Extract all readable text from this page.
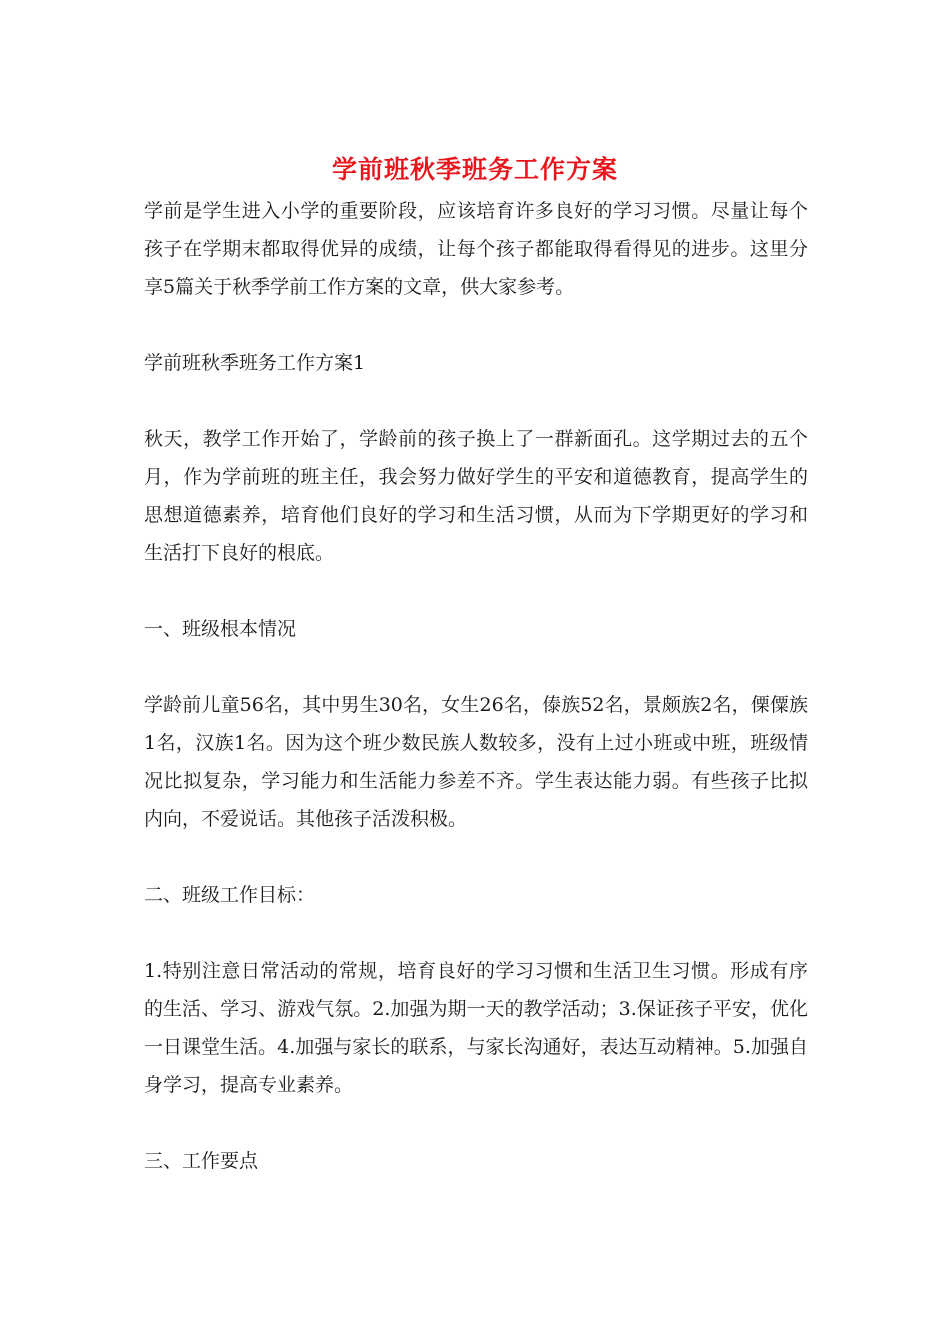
学前班秋季班务工作方案

学前是学生进入小学的重要阶段，应该培育许多良好的学习习惯。尽量让每个孩子在学期末都取得优异的成绩，让每个孩子都能取得看得见的进步。这里分享5篇关于秋季学前工作方案的文章，供大家参考。

学前班秋季班务工作方案1

秋天，教学工作开始了，学龄前的孩子换上了一群新面孔。这学期过去的五个月，作为学前班的班主任，我会努力做好学生的平安和道德教育，提高学生的思想道德素养，培育他们良好的学习和生活习惯，从而为下学期更好的学习和生活打下良好的根底。

一、班级根本情况

学龄前儿童56名，其中男生30名，女生26名，傣族52名，景颇族2名，傈僳族1名，汉族1名。因为这个班少数民族人数较多，没有上过小班或中班，班级情况比拟复杂，学习能力和生活能力参差不齐。学生表达能力弱。有些孩子比拟内向，不爱说话。其他孩子活泼积极。

二、班级工作目标：

1.特别注意日常活动的常规，培育良好的学习习惯和生活卫生习惯。形成有序的生活、学习、游戏气氛。2.加强为期一天的教学活动；3.保证孩子平安，优化一日课堂生活。4.加强与家长的联系，与家长沟通好，表达互动精神。5.加强自身学习，提高专业素养。

三、工作要点
